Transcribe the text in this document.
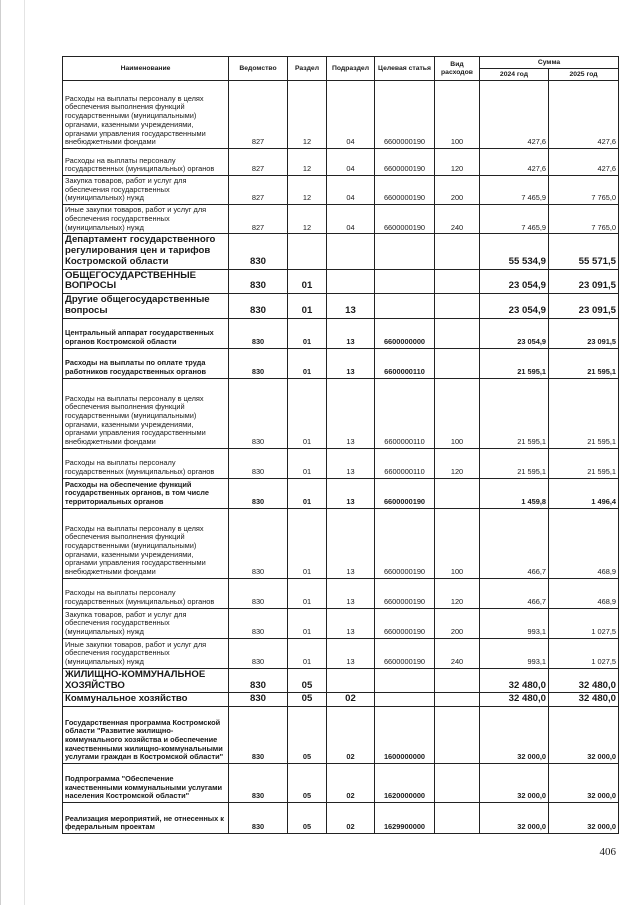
Наименование	Ведомство	Раздел	Подраздел	Целевая статья	Вид расходов	Сумма	
						2024 год	2025 год
Расходы на выплаты персоналу в целях обеспечения выполнения функций государственными (муниципальными) органами, казенными учреждениями, органами управления государственными внебюджетными фондами	827	12	04	6600000190	100	427,6	427,6
Расходы на выплаты персоналу государственных (муниципальных) органов	827	12	04	6600000190	120	427,6	427,6
Закупка товаров, работ и услуг для обеспечения государственных (муниципальных) нужд	827	12	04	6600000190	200	7 465,9	7 765,0
Иные закупки товаров, работ и услуг для обеспечения государственных (муниципальных) нужд	827	12	04	6600000190	240	7 465,9	7 765,0
Департамент государственного регулирования цен и тарифов Костромской области	830					55 534,9	55 571,5
ОБЩЕГОСУДАРСТВЕННЫЕ ВОПРОСЫ	830	01				23 054,9	23 091,5
Другие общегосударственные вопросы	830	01	13			23 054,9	23 091,5
Центральный аппарат государственных органов Костромской области	830	01	13	6600000000		23 054,9	23 091,5
Расходы на выплаты по оплате труда работников государственных органов	830	01	13	6600000110		21 595,1	21 595,1
Расходы на выплаты персоналу в целях обеспечения выполнения функций государственными (муниципальными) органами, казенными учреждениями, органами управления государственными внебюджетными фондами	830	01	13	6600000110	100	21 595,1	21 595,1
Расходы на выплаты персоналу государственных (муниципальных) органов	830	01	13	6600000110	120	21 595,1	21 595,1
Расходы на обеспечение функций государственных органов, в том числе территориальных органов	830	01	13	6600000190		1 459,8	1 496,4
Расходы на выплаты персоналу в целях обеспечения выполнения функций государственными (муниципальными) органами, казенными учреждениями, органами управления государственными внебюджетными фондами	830	01	13	6600000190	100	466,7	468,9
Расходы на выплаты персоналу государственных (муниципальных) органов	830	01	13	6600000190	120	466,7	468,9
Закупка товаров, работ и услуг для обеспечения государственных (муниципальных) нужд	830	01	13	6600000190	200	993,1	1 027,5
Иные закупки товаров, работ и услуг для обеспечения государственных (муниципальных) нужд	830	01	13	6600000190	240	993,1	1 027,5
ЖИЛИЩНО-КОММУНАЛЬНОЕ ХОЗЯЙСТВО	830	05				32 480,0	32 480,0
Коммунальное хозяйство	830	05	02			32 480,0	32 480,0
Государственная программа Костромской области "Развитие жилищно-коммунального хозяйства и обеспечение качественными жилищно-коммунальными услугами граждан в Костромской области"	830	05	02	1600000000		32 000,0	32 000,0
Подпрограмма "Обеспечение качественными коммунальными услугами населения Костромской области"	830	05	02	1620000000		32 000,0	32 000,0
Реализация мероприятий, не отнесенных к федеральным проектам	830	05	02	1629900000		32 000,0	32 000,0
406
